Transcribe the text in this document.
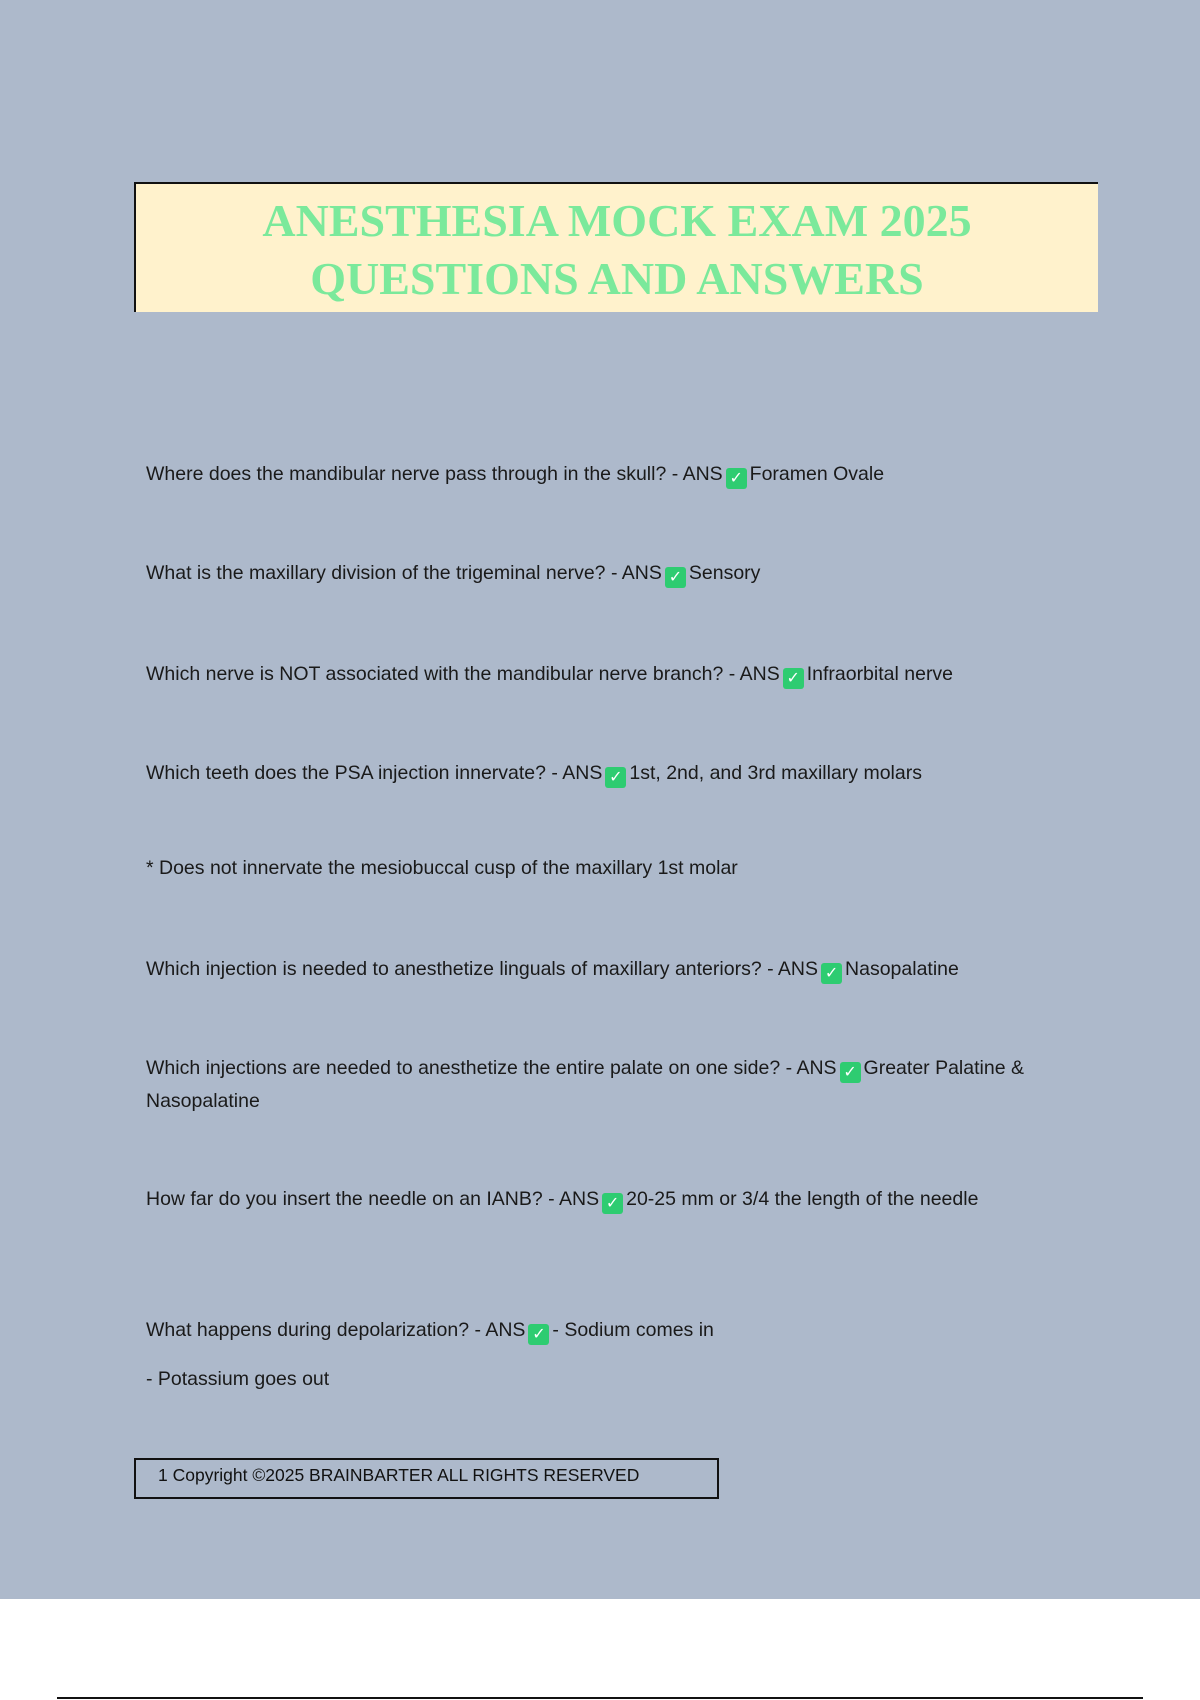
ANESTHESIA MOCK EXAM 2025
QUESTIONS AND ANSWERS
Where does the mandibular nerve pass through in the skull? - ANS ✓ Foramen Ovale
What is the maxillary division of the trigeminal nerve? - ANS ✓ Sensory
Which nerve is NOT associated with the mandibular nerve branch? - ANS ✓ Infraorbital nerve
Which teeth does the PSA injection innervate? - ANS ✓ 1st, 2nd, and 3rd maxillary molars
* Does not innervate the mesiobuccal cusp of the maxillary 1st molar
Which injection is needed to anesthetize linguals of maxillary anteriors? - ANS ✓ Nasopalatine
Which injections are needed to anesthetize the entire palate on one side? - ANS ✓ Greater Palatine & Nasopalatine
How far do you insert the needle on an IANB? - ANS ✓ 20-25 mm or 3/4 the length of the needle
What happens during depolarization? - ANS ✓ - Sodium comes in
- Potassium goes out
1 Copyright ©2025 BRAINBARTER ALL RIGHTS RESERVED
